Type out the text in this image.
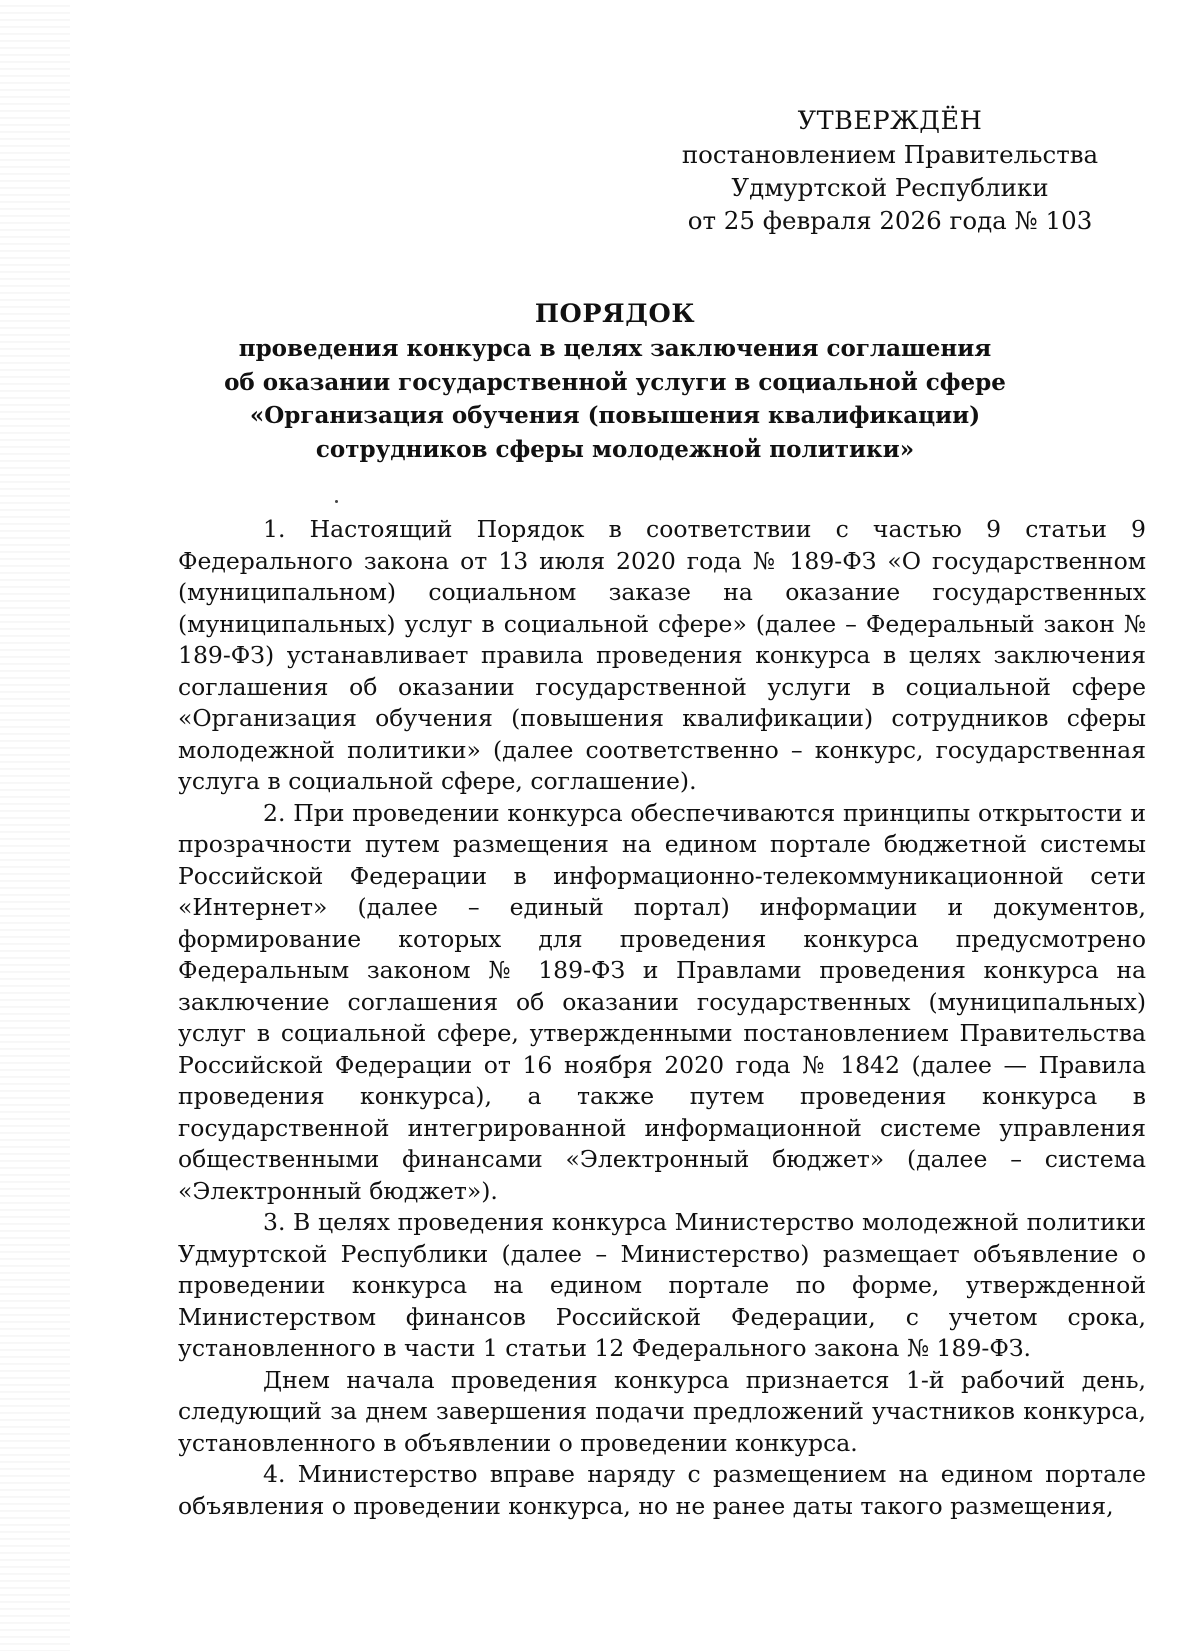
УТВЕРЖДЁН
постановлением Правительства
Удмуртской Республики
от 25 февраля 2026 года № 103
ПОРЯДОК
проведения конкурса в целях заключения соглашения
об оказании государственной услуги в социальной сфере
«Организация обучения (повышения квалификации)
сотрудников сферы молодежной политики»

1. Настоящий Порядок в соответствии с частью 9 статьи 9 Федерального закона от 13 июля 2020 года № 189-ФЗ «О государственном (муниципальном) социальном заказе на оказание государственных (муниципальных) услуг в социальной сфере» (далее – Федеральный закон № 189-ФЗ) устанавливает правила проведения конкурса в целях заключения соглашения об оказании государственной услуги в социальной сфере «Организация обучения (повышения квалификации) сотрудников сферы молодежной политики» (далее соответственно – конкурс, государственная услуга в социальной сфере, соглашение).

2. При проведении конкурса обеспечиваются принципы открытости и прозрачности путем размещения на едином портале бюджетной системы Российской Федерации в информационно-телекоммуникационной сети «Интернет» (далее – единый портал) информации и документов, формирование которых для проведения конкурса предусмотрено Федеральным законом № 189-ФЗ и Правлами проведения конкурса на заключение соглашения об оказании государственных (муниципальных) услуг в социальной сфере, утвержденными постановлением Правительства Российской Федерации от 16 ноября 2020 года № 1842 (далее — Правила проведения конкурса), а также путем проведения конкурса в государственной интегрированной информационной системе управления общественными финансами «Электронный бюджет» (далее – система «Электронный бюджет»).

3. В целях проведения конкурса Министерство молодежной политики Удмуртской Республики (далее – Министерство) размещает объявление о проведении конкурса на едином портале по форме, утвержденной Министерством финансов Российской Федерации, с учетом срока, установленного в части 1 статьи 12 Федерального закона № 189-ФЗ.

Днем начала проведения конкурса признается 1-й рабочий день, следующий за днем завершения подачи предложений участников конкурса, установленного в объявлении о проведении конкурса.

4. Министерство вправе наряду с размещением на едином портале объявления о проведении конкурса, но не ранее даты такого размещения,
